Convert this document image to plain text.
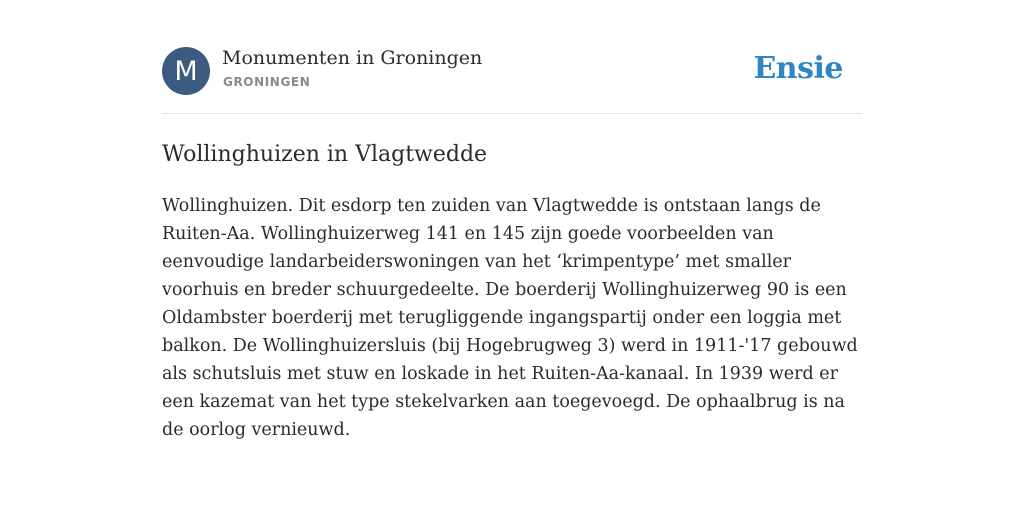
M Monumenten in Groningen
GRONINGEN	Ensie
Wollinghuizen in Vlagtwedde

Wollinghuizen. Dit esdorp ten zuiden van Vlagtwedde is ontstaan langs de Ruiten-Aa. Wollinghuizerweg 141 en 145 zijn goede voorbeelden van eenvoudige landarbeiderswoningen van het ‘krimpentype’ met smaller voorhuis en breder schuurgedeelte. De boerderij Wollinghuizerweg 90 is een Oldambster boerderij met terugliggende ingangspartij onder een loggia met balkon. De Wollinghuizersluis (bij Hogebrugweg 3) werd in 1911-'17 gebouwd als schutsluis met stuw en loskade in het Ruiten-Aa-kanaal. In 1939 werd er een kazemat van het type stekelvarken aan toegevoegd. De ophaalbrug is na de oorlog vernieuwd.
